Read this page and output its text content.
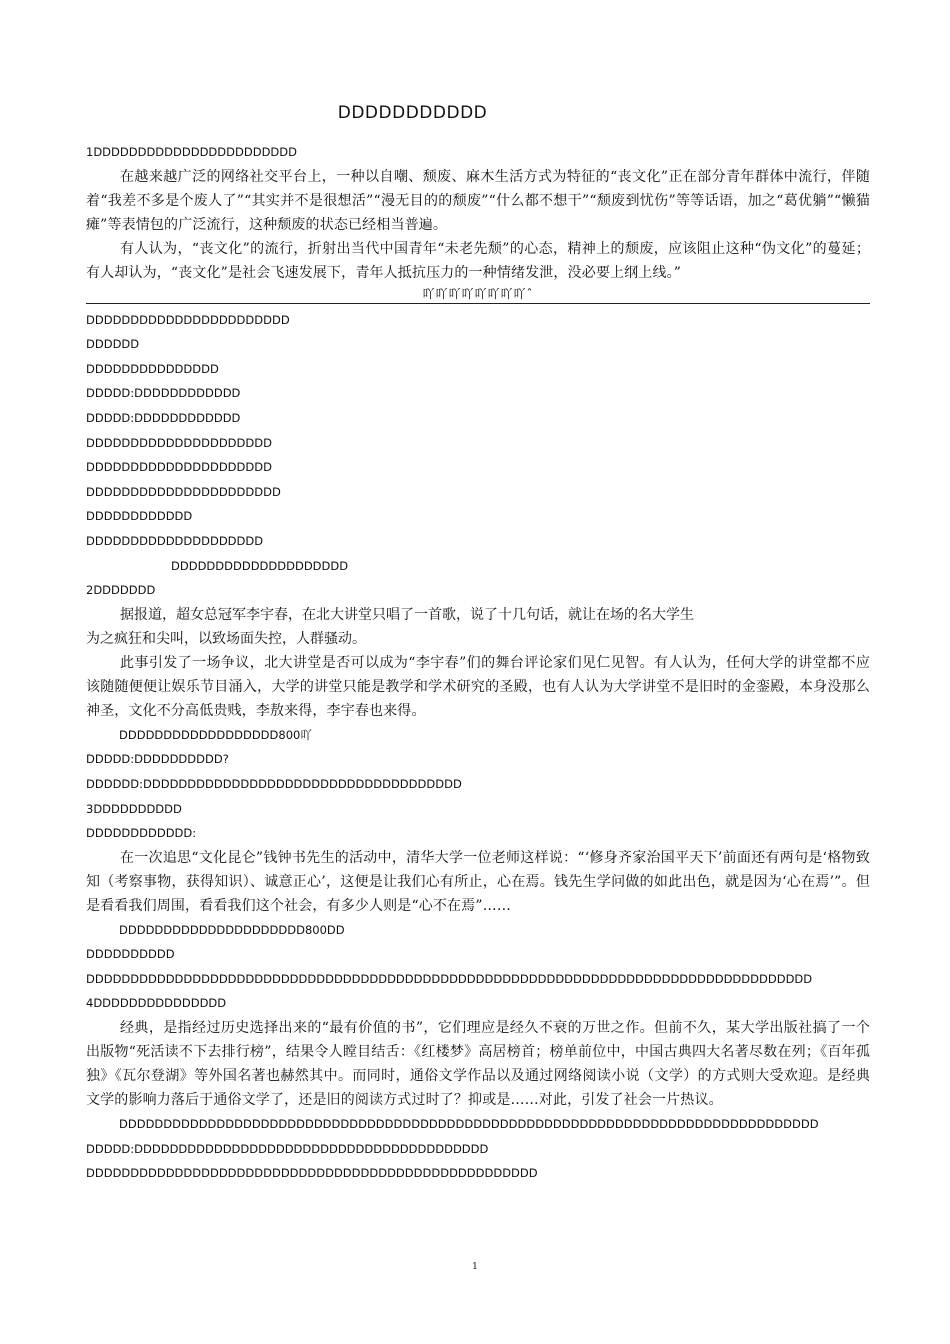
DDDDDDDDDDD
1DDDDDDDDDDDDDDDDDDDDDDD

在越来越广泛的网络社交平台上，一种以自嘲、颓废、麻木生活方式为特征的“丧文化”正在部分青年群体中流行，伴随着“我差不多是个废人了”“其实并不是很想活”“漫无目的的颓废”“什么都不想干”“颓废到忧伤”等等话语，加之“葛优躺”“懒猫瘫”等表情包的广泛流行，这种颓废的状态已经相当普遍。

有人认为，“丧文化”的流行，折射出当代中国青年“未老先颓”的心态，精神上的颓废，应该阻止这种“伪文化”的蔓延；有人却认为，“丧文化”是社会飞速发展下，青年人抵抗压力的一种情绪发泄，没必要上纲上线。”

吖吖吖吖吖吖吖吖ˆ
DDDDDDDDDDDDDDDDDDDDDDD
DDDDDD
DDDDDDDDDDDDDDD
DDDDD:DDDDDDDDDDDD
DDDDD:DDDDDDDDDDDD
DDDDDDDDDDDDDDDDDDDDD
DDDDDDDDDDDDDDDDDDDDD
DDDDDDDDDDDDDDDDDDDDDD
DDDDDDDDDDDD
DDDDDDDDDDDDDDDDDDDD
DDDDDDDDDDDDDDDDDDDD
2DDDDDDD

据报道，超女总冠军李宇春，在北大讲堂只唱了一首歌，说了十几句话，就让在场的名大学生
为之疯狂和尖叫，以致场面失控，人群骚动。

此事引发了一场争议，北大讲堂是否可以成为“李宇春”们的舞台评论家们见仁见智。有人认为，任何大学的讲堂都不应该随随便便让娱乐节目涌入，大学的讲堂只能是教学和学术研究的圣殿，也有人认为大学讲堂不是旧时的金銮殿，本身没那么神圣，文化不分高低贵贱，李敖来得，李宇春也来得。

DDDDDDDDDDDDDDDDDD800吖
DDDDD:DDDDDDDDDD?
DDDDDD:DDDDDDDDDDDDDDDDDDDDDDDDDDDDDDDDDDDD
3DDDDDDDDDD
DDDDDDDDDDDD:

在一次追思“文化昆仑”钱钟书先生的活动中，清华大学一位老师这样说：“‘修身齐家治国平天下’前面还有两句是‘格物致知（考察事物，获得知识）、诚意正心’，这便是让我们心有所止，心在焉。钱先生学问做的如此出色，就是因为‘心在焉’”。但是看看我们周围，看看我们这个社会，有多少人则是“心不在焉”……

DDDDDDDDDDDDDDDDDDDDD800DD
DDDDDDDDDD
DDDDDDDDDDDDDDDDDDDDDDDDDDDDDDDDDDDDDDDDDDDDDDDDDDDDDDDDDDDDDDDDDDDDDDDDDDDDDDDDDD
4DDDDDDDDDDDDDDD

经典，是指经过历史选择出来的“最有价值的书”，它们理应是经久不衰的万世之作。但前不久，某大学出版社搞了一个出版物“死活读不下去排行榜”，结果令人瞠目结舌：《红楼梦》高居榜首；榜单前位中，中国古典四大名著尽数在列；《百年孤独》《瓦尔登湖》等外国名著也赫然其中。而同时，通俗文学作品以及通过网络阅读小说（文学）的方式则大受欢迎。是经典文学的影响力落后于通俗文学了，还是旧的阅读方式过时了？抑或是……对此，引发了社会一片热议。

DDDDDDDDDDDDDDDDDDDDDDDDDDDDDDDDDDDDDDDDDDDDDDDDDDDDDDDDDDDDDDDDDDDDDDDDDDDDDDD
DDDDD:DDDDDDDDDDDDDDDDDDDDDDDDDDDDDDDDDDDDDDDD
DDDDDDDDDDDDDDDDDDDDDDDDDDDDDDDDDDDDDDDDDDDDDDDDDDD
1
